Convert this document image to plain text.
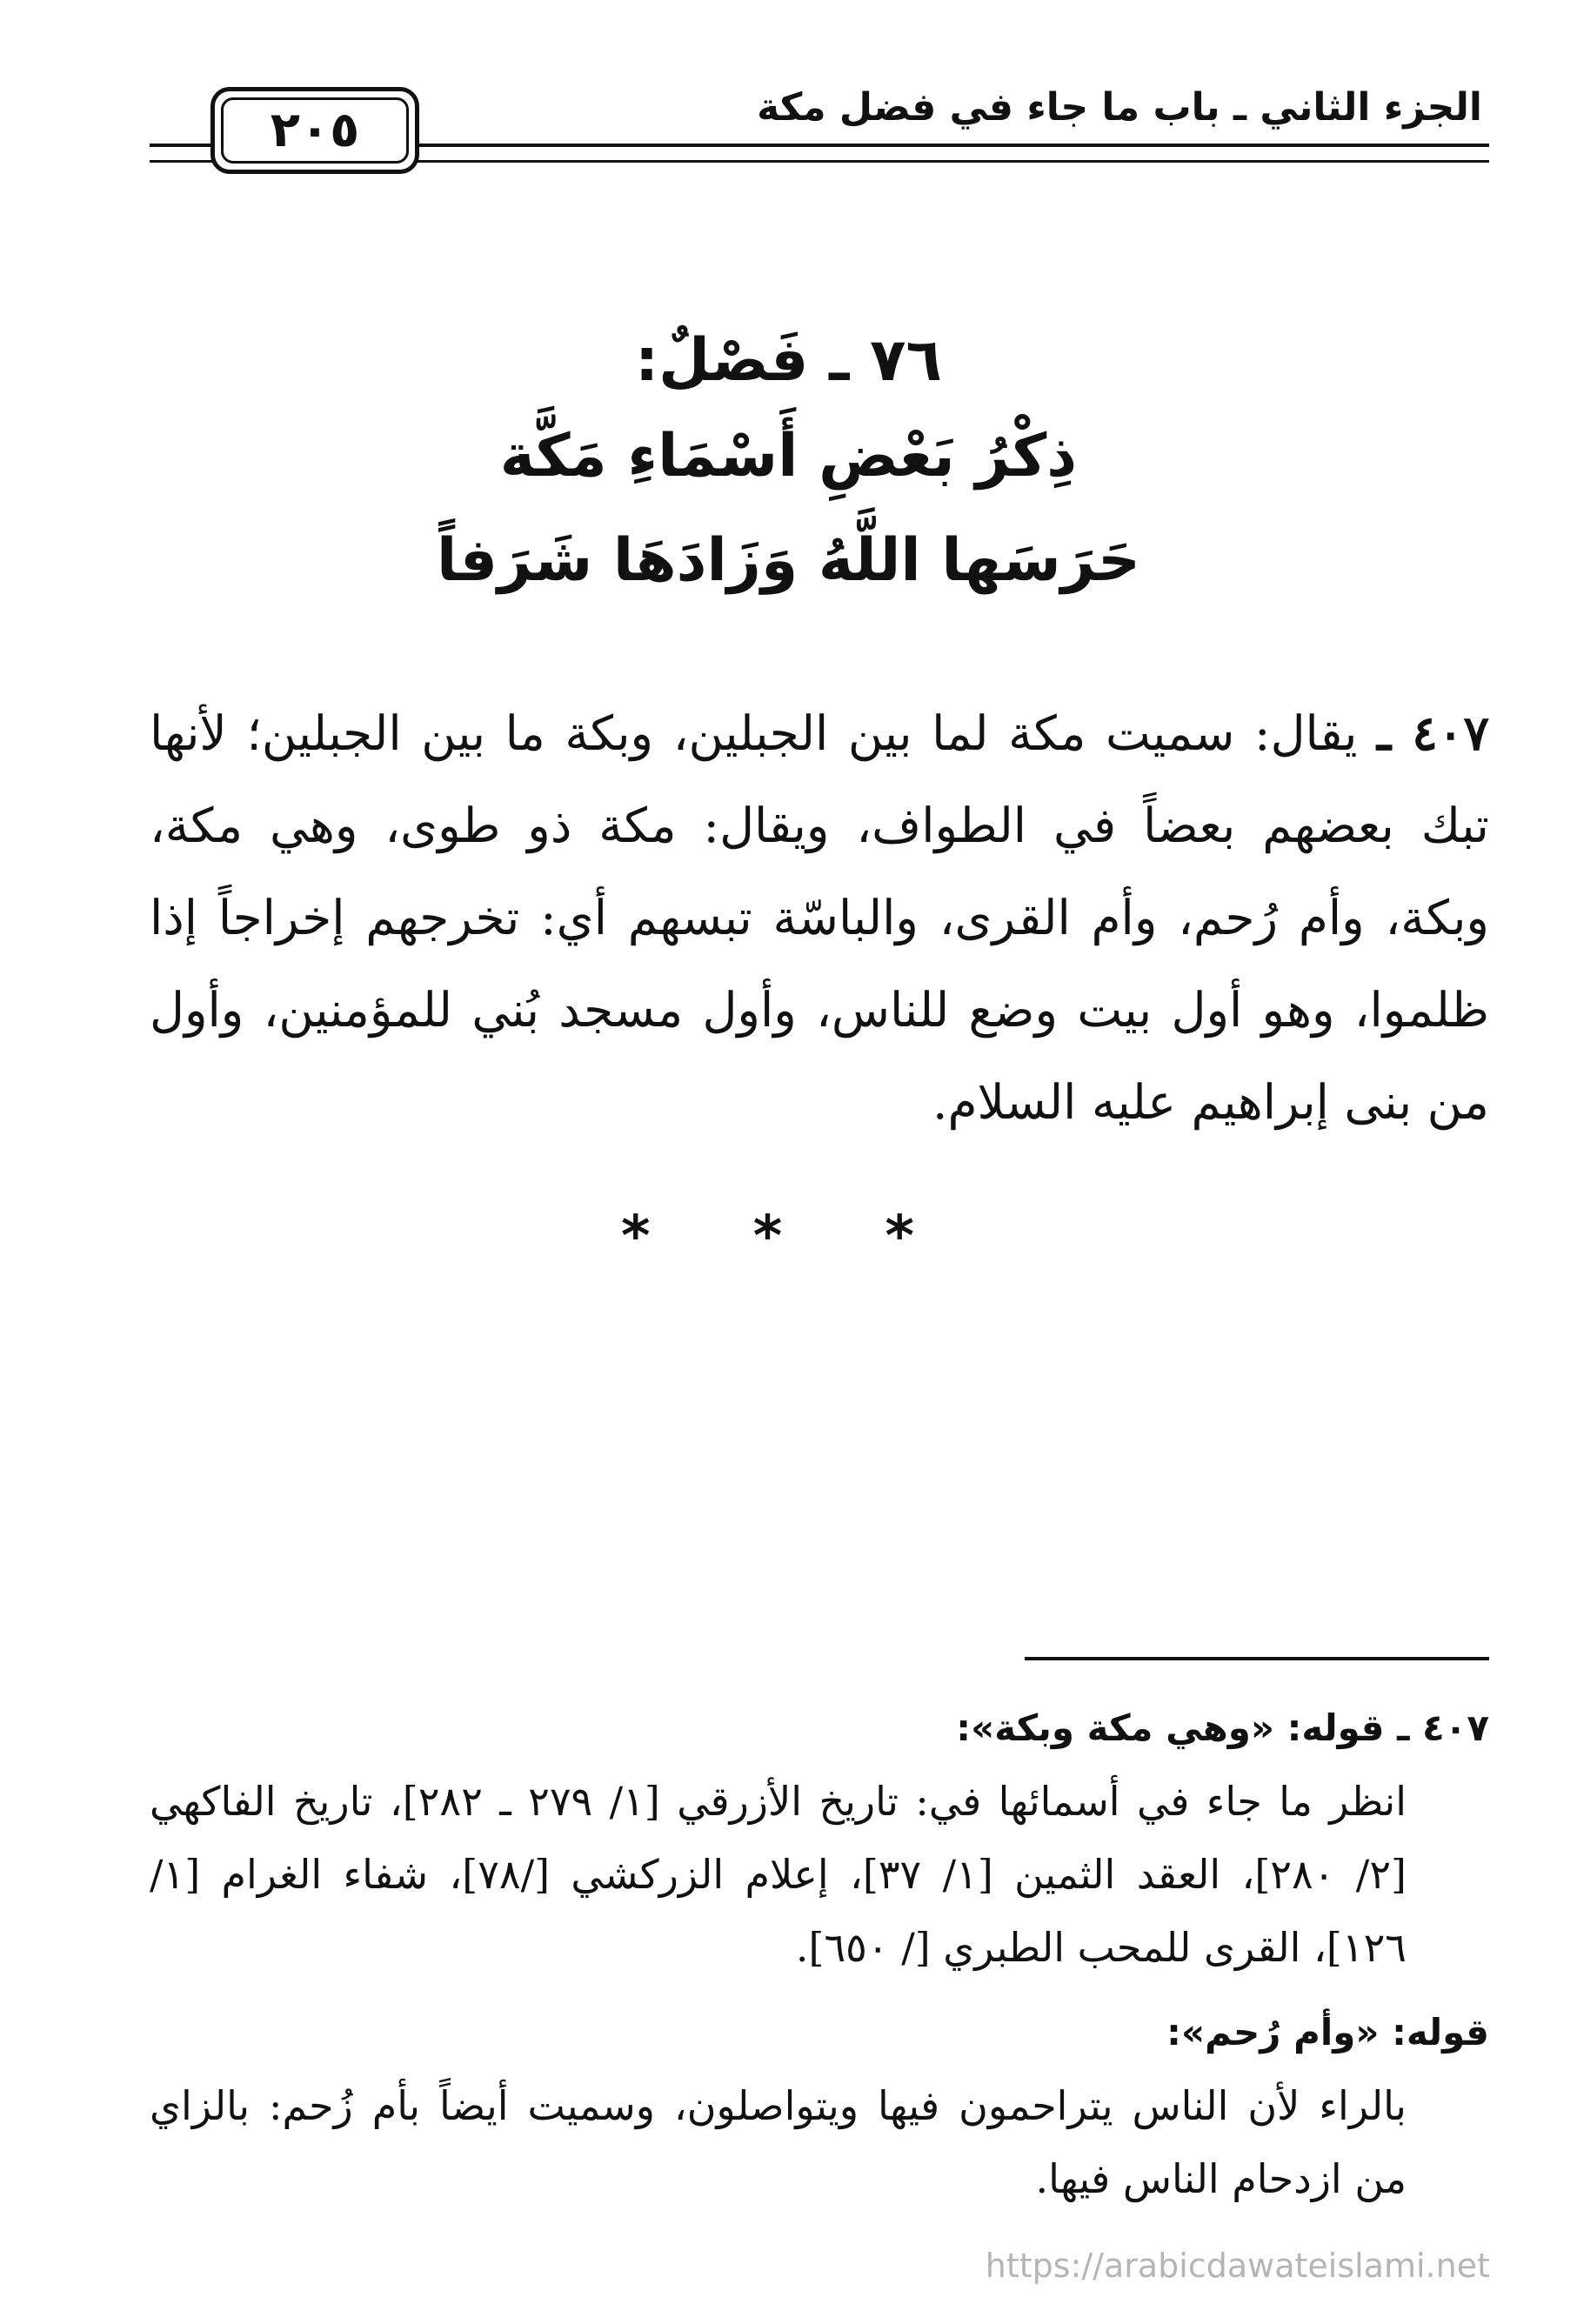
الجزء الثاني ـ باب ما جاء في فضل مكة
٢٠٥
٧٦ ـ فَصْلٌ:
ذِكْرُ بَعْضِ أَسْمَاءِ مَكَّة
حَرَسَها اللَّهُ وَزَادَهَا شَرَفاً
٤٠٧ ـ يقال: سميت مكة لما بين الجبلين، وبكة ما بين الجبلين؛ لأنها تبك بعضهم بعضاً في الطواف، ويقال: مكة ذو طوى، وهي مكة، وبكة، وأم رُحم، وأم القرى، والباسّة تبسهم أي: تخرجهم إخراجاً إذا ظلموا، وهو أول بيت وضع للناس، وأول مسجد بُني للمؤمنين، وأول من بنى إبراهيم عليه السلام.
* * *
٤٠٧ ـ قوله: «وهي مكة وبكة»:
انظر ما جاء في أسمائها في: تاريخ الأزرقي [١/ ٢٧٩ ـ ٢٨٢]، تاريخ الفاكهي [٢/ ٢٨٠]، العقد الثمين [١/ ٣٧]، إعلام الزركشي [/٧٨]، شفاء الغرام [١/ ١٢٦]، القرى للمحب الطبري [/ ٦٥٠].
قوله: «وأم رُحم»:
بالراء لأن الناس يتراحمون فيها ويتواصلون، وسميت أيضاً بأم زُحم: بالزاي من ازدحام الناس فيها.
https://arabicdawateislami.net
